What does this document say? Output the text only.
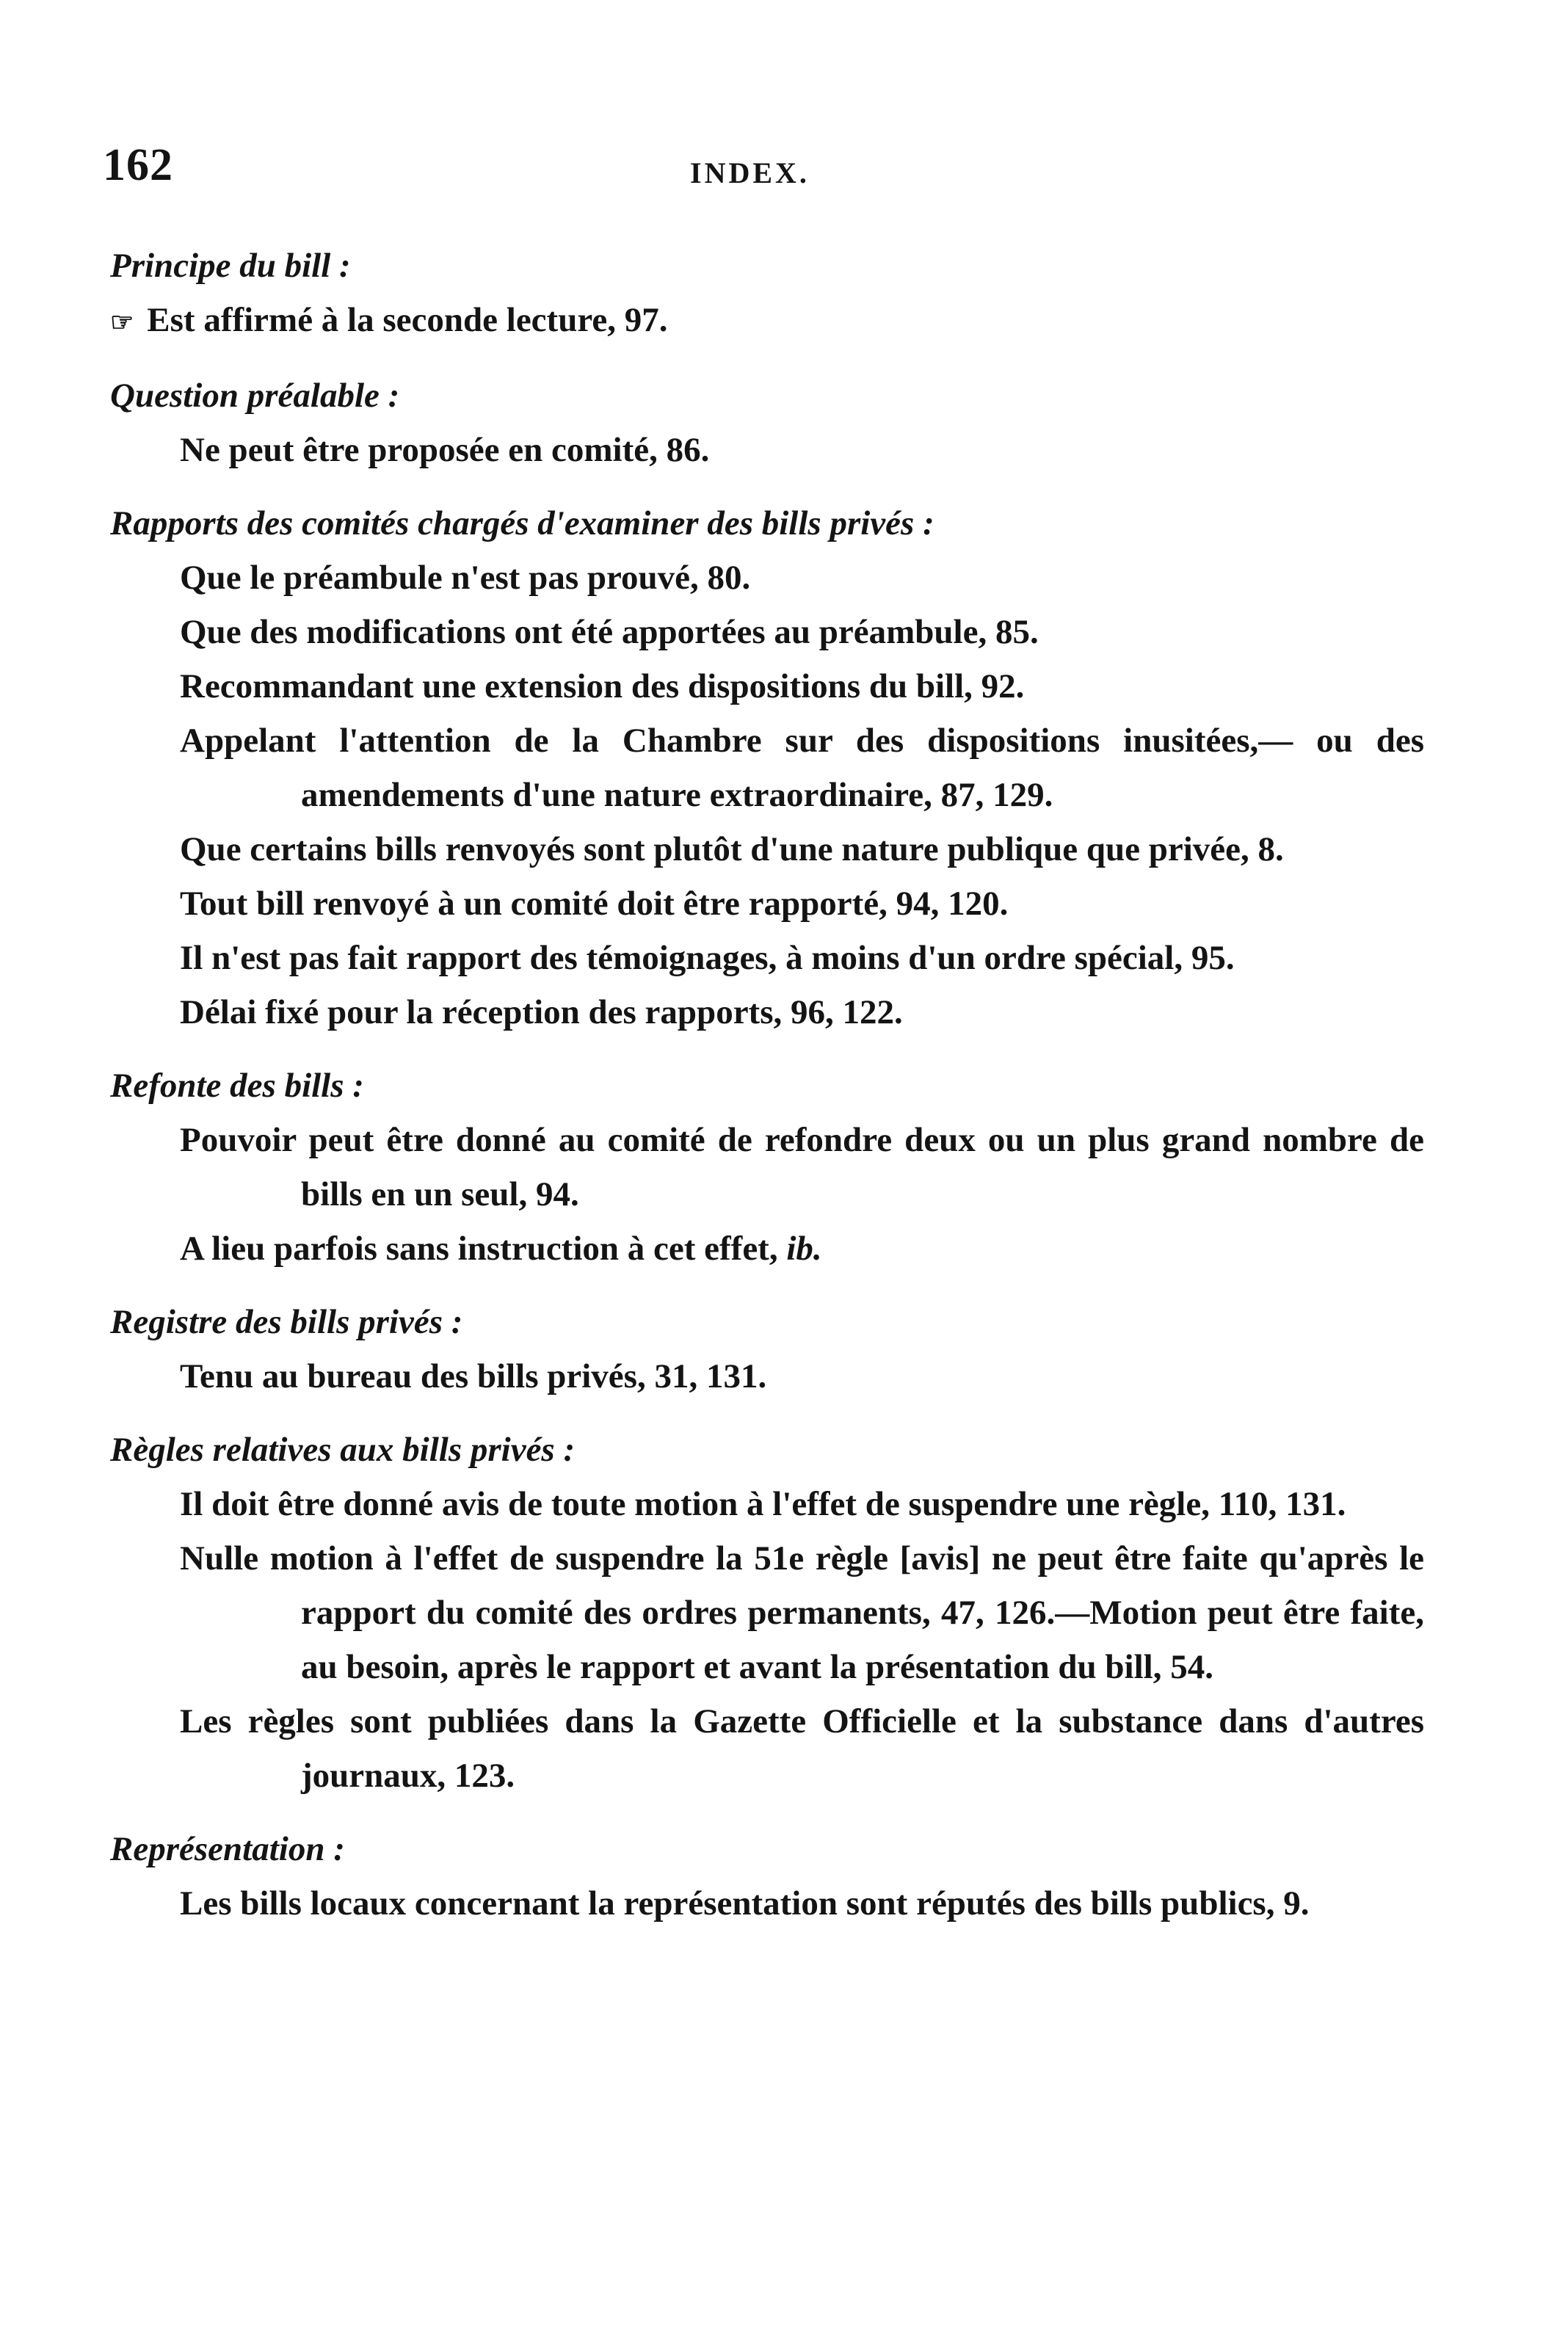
162	INDEX.
Principe du bill :
☞ Est affirmé à la seconde lecture, 97.
Question préalable :
Ne peut être proposée en comité, 86.
Rapports des comités chargés d'examiner des bills privés :
Que le préambule n'est pas prouvé, 80.
Que des modifications ont été apportées au préambule, 85.
Recommandant une extension des dispositions du bill, 92.
Appelant l'attention de la Chambre sur des dispositions inusitées,— ou des amendements d'une nature extraordinaire, 87, 129.
Que certains bills renvoyés sont plutôt d'une nature publique que privée, 8.
Tout bill renvoyé à un comité doit être rapporté, 94, 120.
Il n'est pas fait rapport des témoignages, à moins d'un ordre spécial, 95.
Délai fixé pour la réception des rapports, 96, 122.
Refonte des bills :
Pouvoir peut être donné au comité de refondre deux ou un plus grand nombre de bills en un seul, 94.
A lieu parfois sans instruction à cet effet, ib.
Registre des bills privés :
Tenu au bureau des bills privés, 31, 131.
Règles relatives aux bills privés :
Il doit être donné avis de toute motion à l'effet de suspendre une règle, 110, 131.
Nulle motion à l'effet de suspendre la 51e règle [avis] ne peut être faite qu'après le rapport du comité des ordres permanents, 47, 126.—Motion peut être faite, au besoin, après le rapport et avant la présentation du bill, 54.
Les règles sont publiées dans la Gazette Officielle et la substance dans d'autres journaux, 123.
Représentation :
Les bills locaux concernant la représentation sont réputés des bills publics, 9.
